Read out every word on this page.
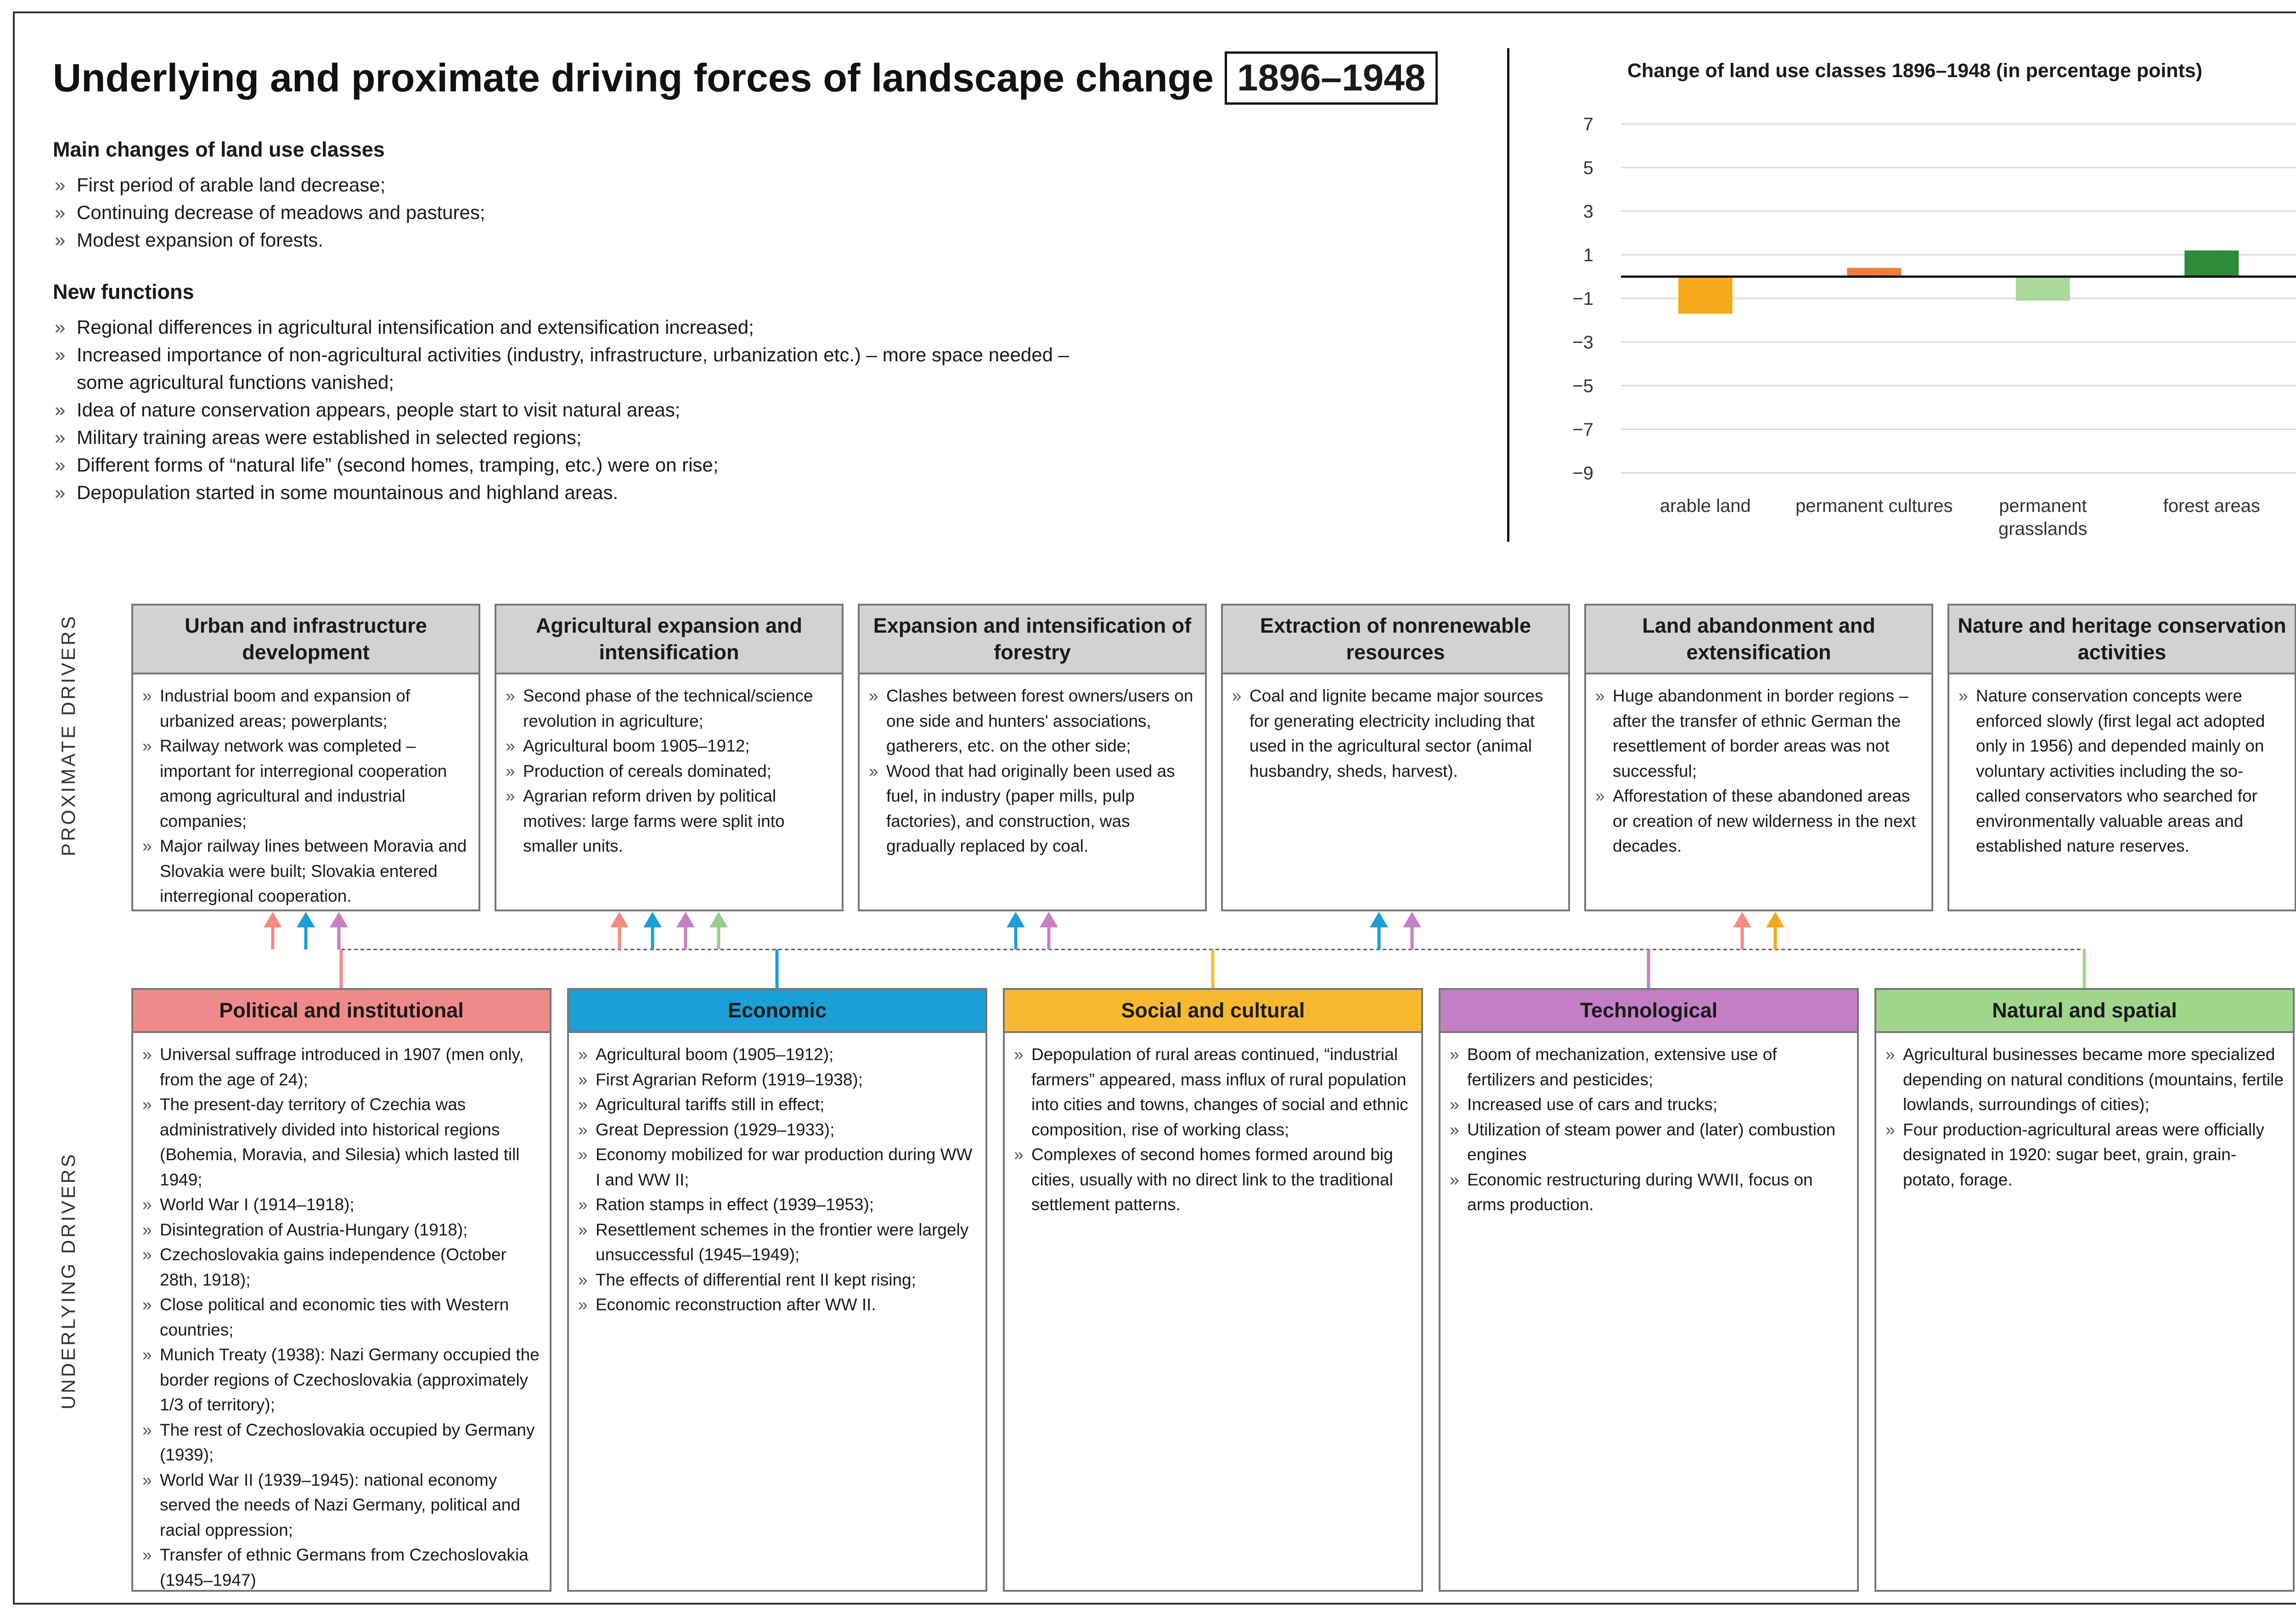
Underlying and proximate driving forces of landscape change 1896–1948
Main changes of land use classes
» First period of arable land decrease;
» Continuing decrease of meadows and pastures;
» Modest expansion of forests.
New functions
» Regional differences in agricultural intensification and extensification increased;
» Increased importance of non-agricultural activities (industry, infrastructure, urbanization etc.) – more space needed – some agricultural functions vanished;
» Idea of nature conservation appears, people start to visit natural areas;
» Military training areas were established in selected regions;
» Different forms of “natural life” (second homes, tramping, etc.) were on rise;
» Depopulation started in some mountainous and highland areas.
Change of land use classes 1896–1948 (in percentage points)
7
5
3
1
−1
−3
−5
−7
−9
arable land permanent cultures	permanent grasslands
forest areas
PROXIMATE DRIVERS
UNDERLYING DRIVERS
Urban and infrastructure development
» Industrial boom and expansion of urbanized areas; powerplants;
» Railway network was completed – important for interregional cooperation among agricultural and industrial companies;
» Major railway lines between Moravia and Slovakia were built; Slovakia entered interregional cooperation.
Agricultural expansion and intensification
» Second phase of the technical/science revolution in agriculture;
» Agricultural boom 1905–1912;
» Production of cereals dominated;
» Agrarian reform driven by political motives: large farms were split into smaller units.
Expansion and intensification of forestry
» Clashes between forest owners/users on one side and hunters' associations, gatherers, etc. on the other side;
» Wood that had originally been used as fuel, in industry (paper mills, pulp factories), and construction, was gradually replaced by coal.
Extraction of nonrenewable resources
» Coal and lignite became major sources for generating electricity including that used in the agricultural sector (animal husbandry, sheds, harvest).
Land abandonment and extensification
» Huge abandonment in border regions – after the transfer of ethnic German the resettlement of border areas was not successful;
» Afforestation of these abandoned areas or creation of new wilderness in the next decades.
Nature and heritage conservation activities
» Nature conservation concepts were enforced slowly (first legal act adopted only in 1956) and depended mainly on voluntary activities including the so-called conservators who searched for environmentally valuable areas and established nature reserves.
Political and institutional
» Universal suffrage introduced in 1907 (men only, from the age of 24);
» The present-day territory of Czechia was administratively divided into historical regions (Bohemia, Moravia, and Silesia) which lasted till 1949;
» World War I (1914–1918);
» Disintegration of Austria-Hungary (1918);
» Czechoslovakia gains independence (October 28th, 1918);
» Close political and economic ties with Western countries;
» Munich Treaty (1938): Nazi Germany occupied the border regions of Czechoslovakia (approximately 1/3 of territory);
» The rest of Czechoslovakia occupied by Germany (1939);
» World War II (1939–1945): national economy served the needs of Nazi Germany, political and racial oppression;
» Transfer of ethnic Germans from Czechoslovakia (1945–1947)
Economic
» Agricultural boom (1905–1912);
» First Agrarian Reform (1919–1938);
» Agricultural tariffs still in effect;
» Great Depression (1929–1933);
» Economy mobilized for war production during WW I and WW II;
» Ration stamps in effect (1939–1953);
» Resettlement schemes in the frontier were largely unsuccessful (1945–1949);
» The effects of differential rent II kept rising;
» Economic reconstruction after WW II.
Social and cultural
» Depopulation of rural areas continued, “industrial farmers” appeared, mass influx of rural population into cities and towns, changes of social and ethnic composition, rise of working class;
» Complexes of second homes formed around big cities, usually with no direct link to the traditional settlement patterns.
Technological
» Boom of mechanization, extensive use of fertilizers and pesticides;
» Increased use of cars and trucks;
» Utilization of steam power and (later) combustion engines
» Economic restructuring during WWII, focus on arms production.
Natural and spatial
» Agricultural businesses became more specialized depending on natural conditions (mountains, fertile lowlands, surroundings of cities);
» Four production-agricultural areas were officially designated in 1920: sugar beet, grain, grain-potato, forage.
